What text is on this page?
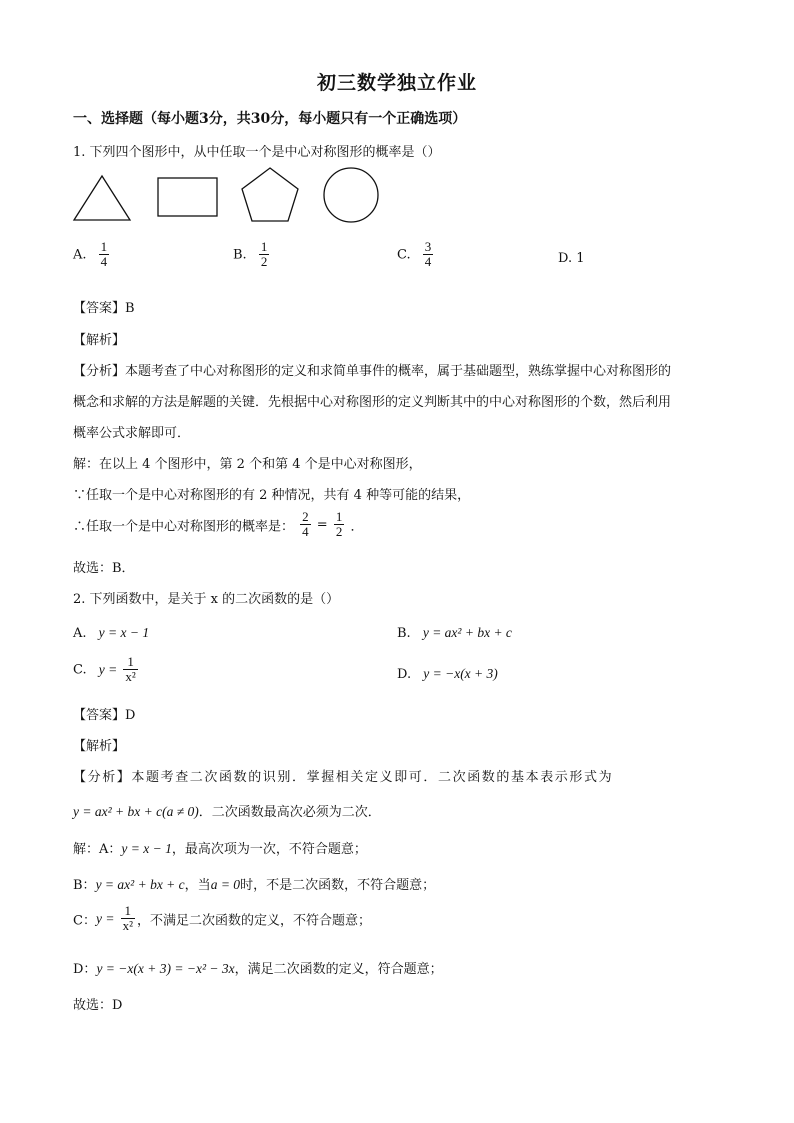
初三数学独立作业
一、选择题（每小题3分，共30分，每小题只有一个正确选项）
1. 下列四个图形中，从中任取一个是中心对称图形的概率是（）
A. $\frac{1}{4}$	B. $\frac{1}{2}$	C. $\frac{3}{4}$	D. 1
【答案】B
【解析】
【分析】本题考查了中心对称图形的定义和求简单事件的概率，属于基础题型，熟练掌握中心对称图形的
概念和求解的方法是解题的关键．先根据中心对称图形的定义判断其中的中心对称图形的个数，然后利用
概率公式求解即可．
解：在以上 4 个图形中，第 2 个和第 4 个是中心对称图形，
∵任取一个是中心对称图形的有 2 种情况，共有 4 种等可能的结果，
∴任取一个是中心对称图形的概率是： $\frac{2}{4} = \frac{1}{2}$ ．
故选：B．
2. 下列函数中，是关于 x 的二次函数的是（）
A. y = x − 1	B. y = ax² + bx + c
C. $y = \frac{1}{\text{x²}}$	D. y = −x(x + 3)
【答案】D
【解析】
【分析】本题考查二次函数的识别．掌握相关定义即可．二次函数的基本表示形式为
y = ax² + bx + c(a ≠ 0)．二次函数最高次必须为二次．
解：A：y = x − 1，最高次项为一次，不符合题意；
B：y = ax² + bx + c，当a = 0时，不是二次函数，不符合题意；
C：$y = \frac{1}{\text{x²}}$ ，不满足二次函数的定义，不符合题意；
D：y = −x(x + 3) = −x² − 3x，满足二次函数的定义，符合题意；
故选：D
